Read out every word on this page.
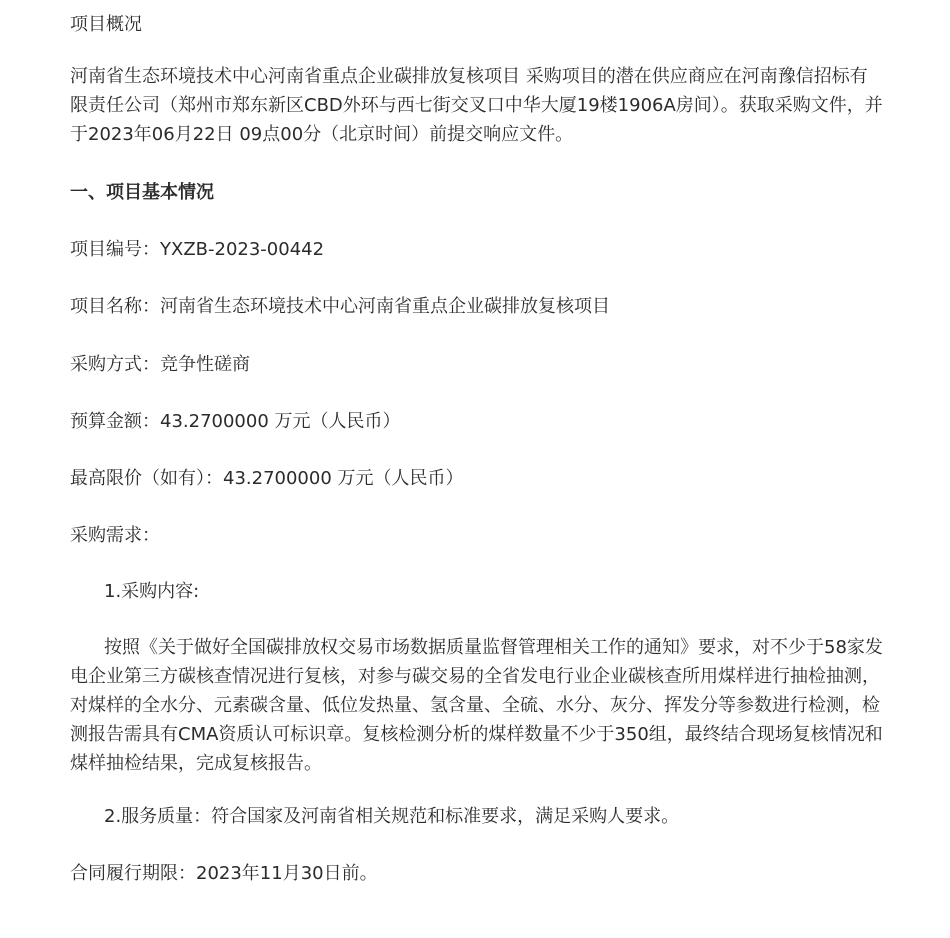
项目概况

河南省生态环境技术中心河南省重点企业碳排放复核项目 采购项目的潜在供应商应在河南豫信招标有限责任公司（郑州市郑东新区CBD外环与西七街交叉口中华大厦19楼1906A房间）。获取采购文件，并于2023年06月22日 09点00分（北京时间）前提交响应文件。

一、项目基本情况

项目编号：YXZB-2023-00442

项目名称：河南省生态环境技术中心河南省重点企业碳排放复核项目

采购方式：竞争性磋商

预算金额：43.2700000 万元（人民币）

最高限价（如有）：43.2700000 万元（人民币）

采购需求：

1.采购内容:

按照《关于做好全国碳排放权交易市场数据质量监督管理相关工作的通知》要求，对不少于58家发电企业第三方碳核查情况进行复核，对参与碳交易的全省发电行业企业碳核查所用煤样进行抽检抽测，对煤样的全水分、元素碳含量、低位发热量、氢含量、全硫、水分、灰分、挥发分等参数进行检测，检测报告需具有CMA资质认可标识章。复核检测分析的煤样数量不少于350组，最终结合现场复核情况和煤样抽检结果，完成复核报告。

2.服务质量：符合国家及河南省相关规范和标准要求，满足采购人要求。

合同履行期限：2023年11月30日前。
